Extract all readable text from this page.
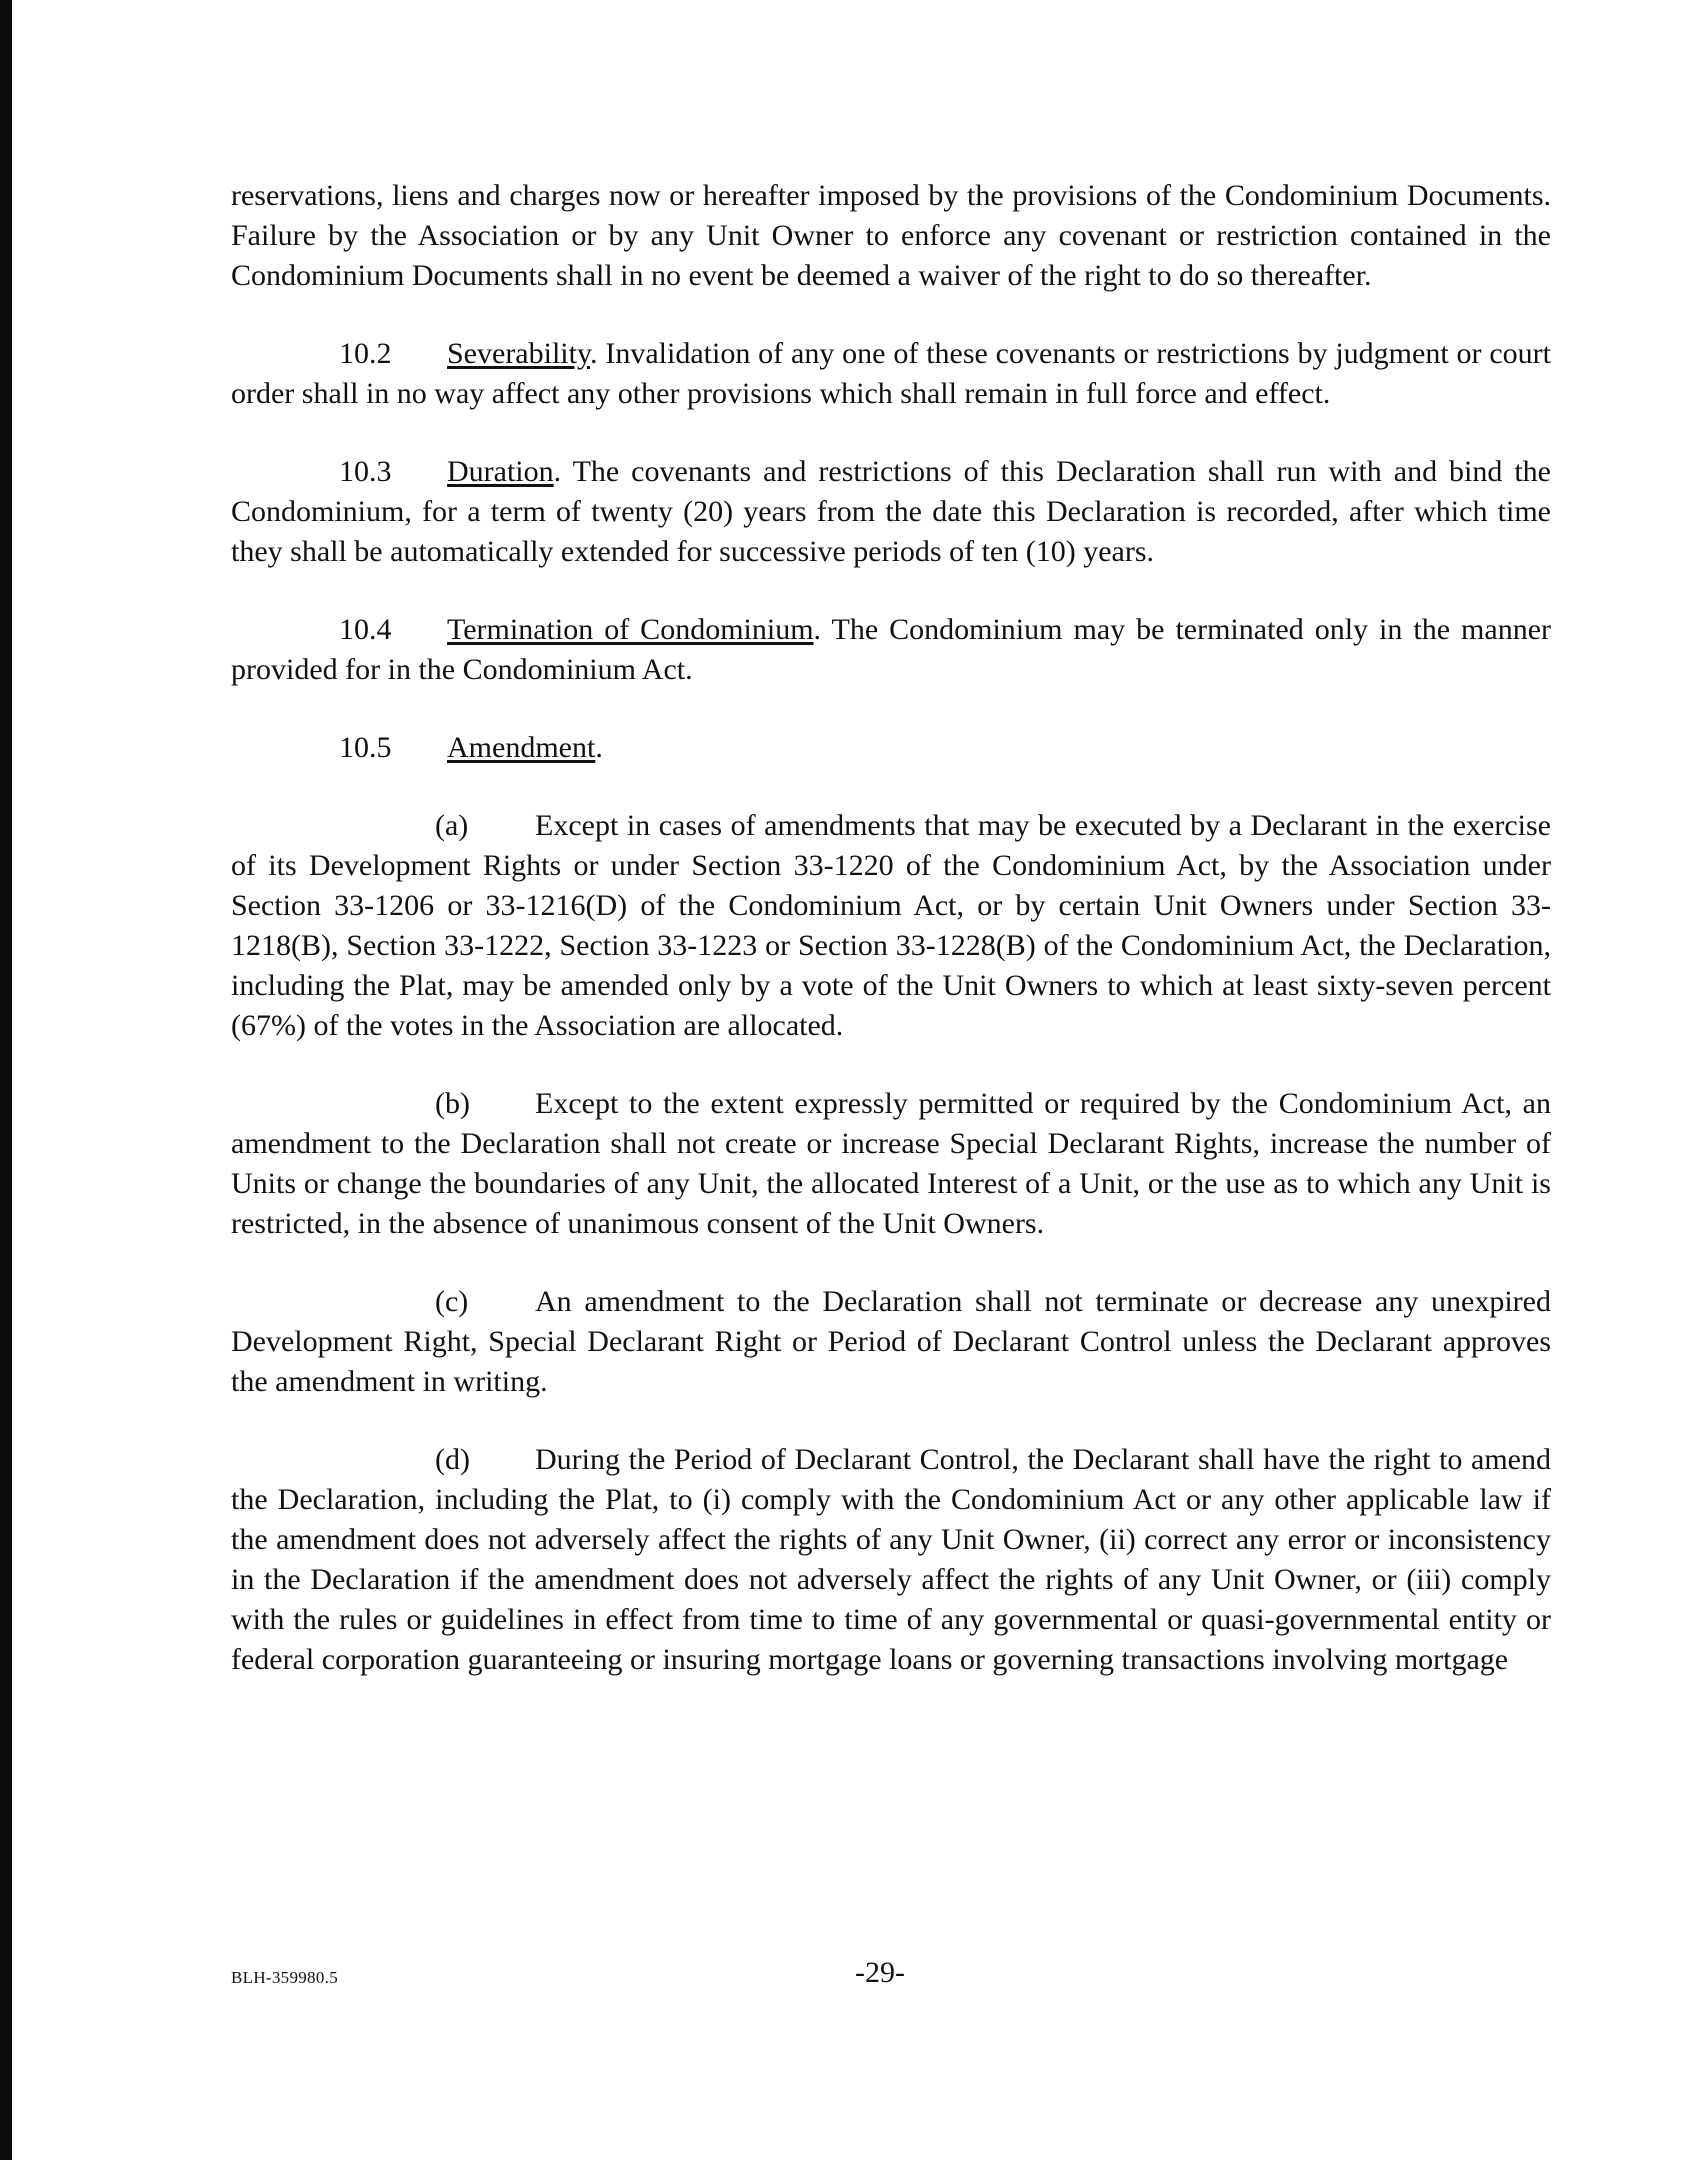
reservations, liens and charges now or hereafter imposed by the provisions of the Condominium Documents. Failure by the Association or by any Unit Owner to enforce any covenant or restriction contained in the Condominium Documents shall in no event be deemed a waiver of the right to do so thereafter.

10.2 Severability. Invalidation of any one of these covenants or restrictions by judgment or court order shall in no way affect any other provisions which shall remain in full force and effect.

10.3 Duration. The covenants and restrictions of this Declaration shall run with and bind the Condominium, for a term of twenty (20) years from the date this Declaration is recorded, after which time they shall be automatically extended for successive periods of ten (10) years.

10.4 Termination of Condominium. The Condominium may be terminated only in the manner provided for in the Condominium Act.

10.5 Amendment.

(a) Except in cases of amendments that may be executed by a Declarant in the exercise of its Development Rights or under Section 33-1220 of the Condominium Act, by the Association under Section 33-1206 or 33-1216(D) of the Condominium Act, or by certain Unit Owners under Section 33-1218(B), Section 33-1222, Section 33-1223 or Section 33-1228(B) of the Condominium Act, the Declaration, including the Plat, may be amended only by a vote of the Unit Owners to which at least sixty-seven percent (67%) of the votes in the Association are allocated.

(b) Except to the extent expressly permitted or required by the Condominium Act, an amendment to the Declaration shall not create or increase Special Declarant Rights, increase the number of Units or change the boundaries of any Unit, the allocated Interest of a Unit, or the use as to which any Unit is restricted, in the absence of unanimous consent of the Unit Owners.

(c) An amendment to the Declaration shall not terminate or decrease any unexpired Development Right, Special Declarant Right or Period of Declarant Control unless the Declarant approves the amendment in writing.

(d) During the Period of Declarant Control, the Declarant shall have the right to amend the Declaration, including the Plat, to (i) comply with the Condominium Act or any other applicable law if the amendment does not adversely affect the rights of any Unit Owner, (ii) correct any error or inconsistency in the Declaration if the amendment does not adversely affect the rights of any Unit Owner, or (iii) comply with the rules or guidelines in effect from time to time of any governmental or quasi-governmental entity or federal corporation guaranteeing or insuring mortgage loans or governing transactions involving mortgage

BLH-359980.5	-29-
